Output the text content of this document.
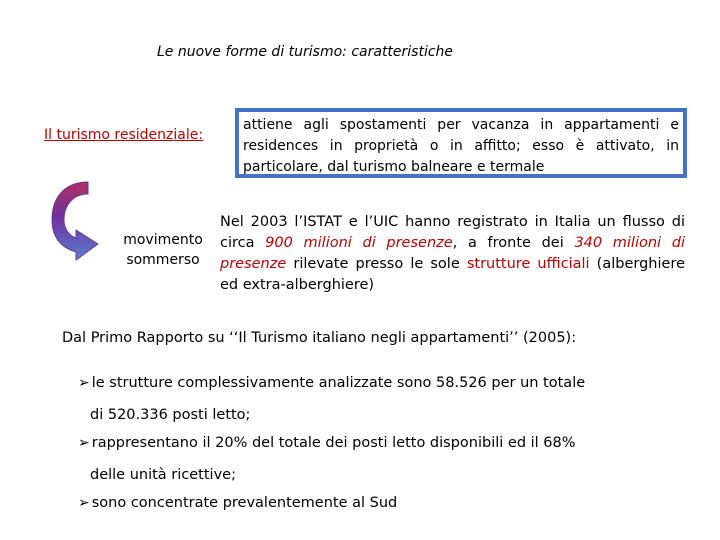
Le nuove forme di turismo: caratteristiche
Il turismo residenziale:
attiene agli spostamenti per vacanza in appartamenti e residences in proprietà o in affitto; esso è attivato, in particolare, dal turismo balneare e termale
movimento
sommerso
Nel 2003 l’ISTAT e l’UIC hanno registrato in Italia un flusso di circa 900 milioni di presenze, a fronte dei 340 milioni di presenze rilevate presso le sole strutture ufficiali (alberghiere ed extra-alberghiere)
Dal Primo Rapporto su ‘‘Il Turismo italiano negli appartamenti’’ (2005):
➢ le strutture complessivamente analizzate sono 58.526 per un totale
di 520.336 posti letto;
➢ rappresentano il 20% del totale dei posti letto disponibili ed il 68%
delle unità ricettive;
➢ sono concentrate prevalentemente al Sud
